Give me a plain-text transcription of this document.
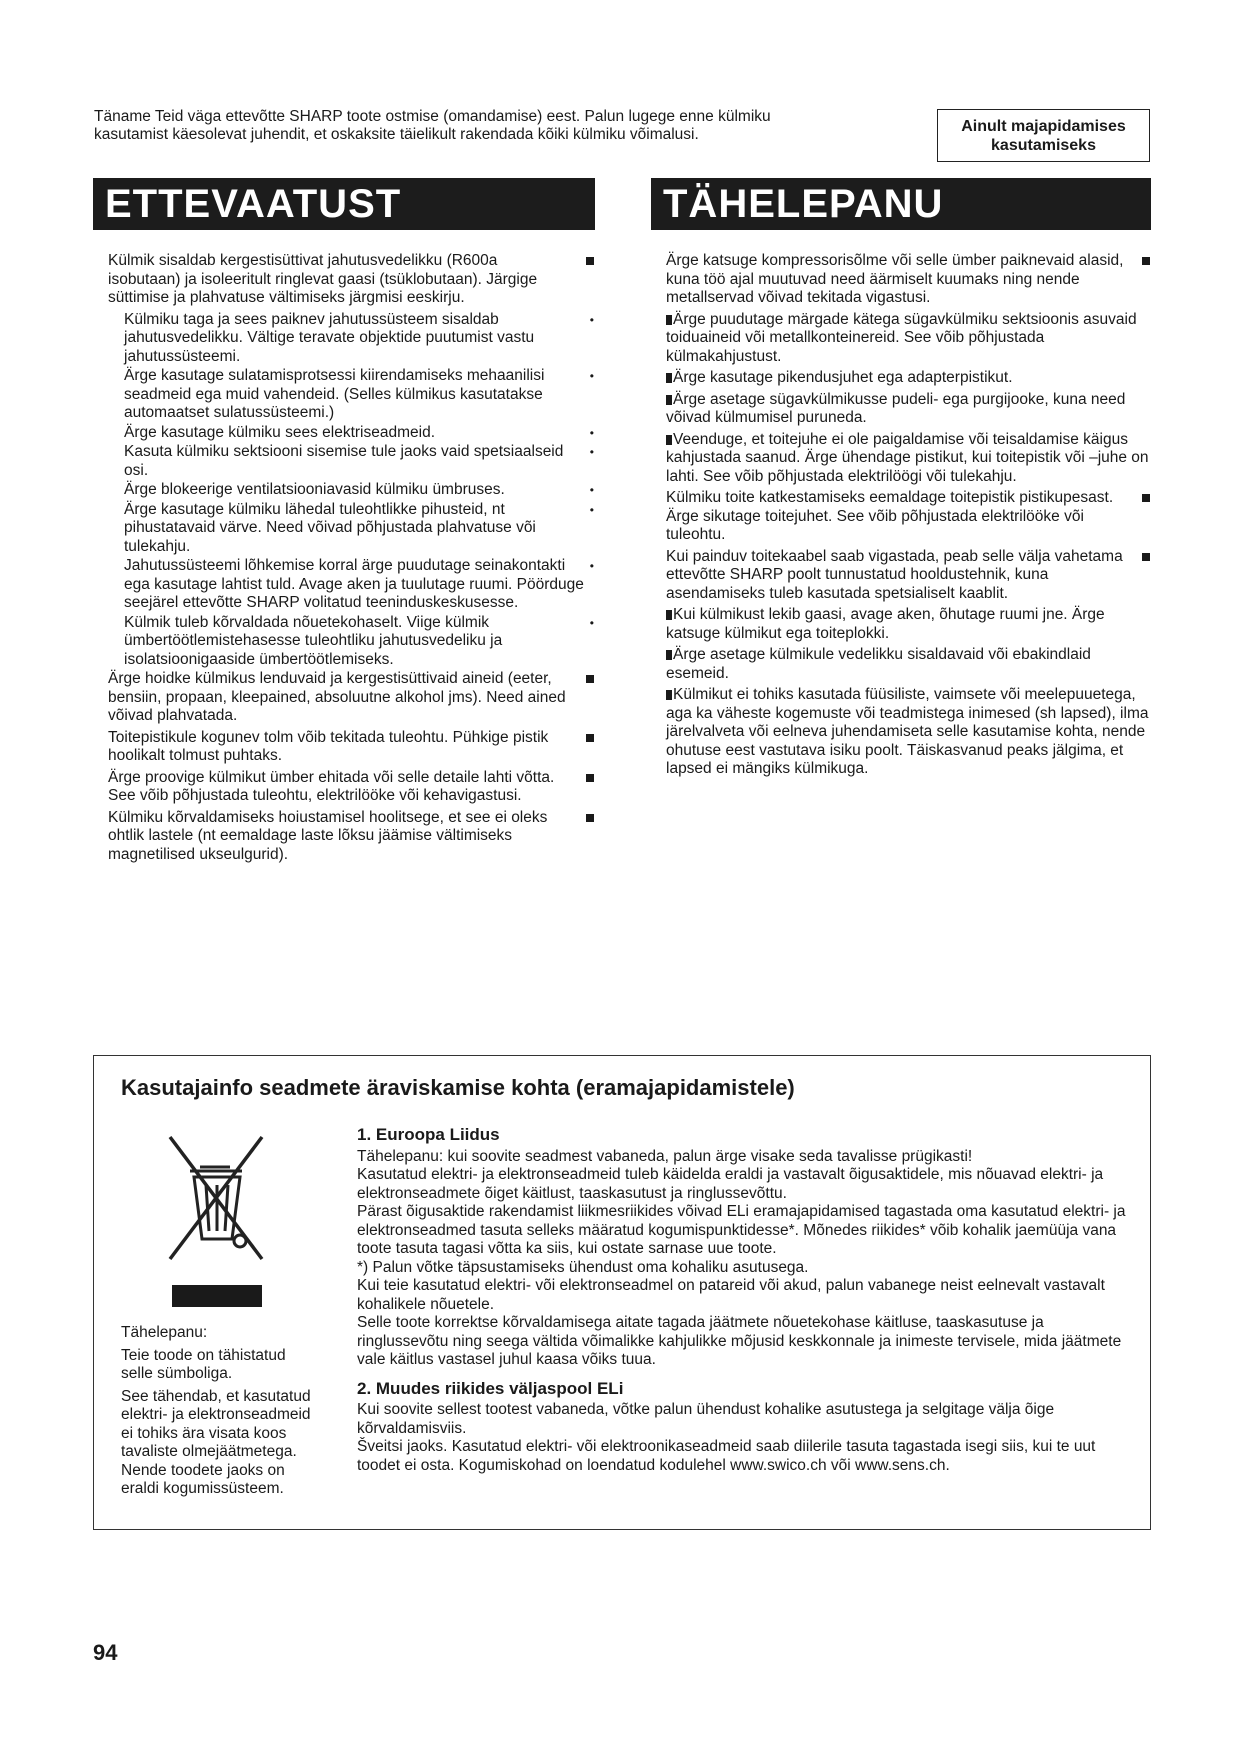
Täname Teid väga ettevõtte SHARP toote ostmise (omandamise) eest. Palun lugege enne külmiku

kasutamist käesolevat juhendit, et oskaksite täielikult rakendada kõiki külmiku võimalusi.	Ainult majapidamises
kasutamiseks
ETTEVAATUST	TÄHELEPANU
Külmik sisaldab kergestisüttivat jahutusvedelikku (R600a isobutaan) ja isoleeritult ringlevat gaasi (tsüklobutaan). Järgige süttimise ja plahvatuse vältimiseks järgmisi eeskirju.
Külmiku taga ja sees paiknev jahutussüsteem sisaldab jahutusvedelikku. Vältige teravate objektide puutumist vastu jahutussüsteemi.
•
Ärge kasutage sulatamisprotsessi kiirendamiseks mehaanilisi seadmeid ega muid vahendeid. (Selles külmikus kasutatakse automaatset sulatussüsteemi.)
•
Ärge kasutage külmiku sees elektriseadmeid.	•
Kasuta külmiku sektsiooni sisemise tule jaoks vaid spetsiaalseid osi.
•
Ärge blokeerige ventilatsiooniavasid külmiku ümbruses.	•
Ärge kasutage külmiku lähedal tuleohtlikke pihusteid, nt pihustatavaid värve. Need võivad põhjustada plahvatuse või tulekahju.
•
Jahutussüsteemi lõhkemise korral ärge puudutage seinakontakti ega kasutage lahtist tuld. Avage aken ja tuulutage ruumi. Pöörduge seejärel ettevõtte SHARP volitatud teeninduskeskusesse.
•
Külmik tuleb kõrvaldada nõuetekohaselt. Viige külmik ümbertöötlemistehasesse tuleohtliku jahutusvedeliku ja isolatsioonigaaside ümbertöötlemiseks.
•
Ärge hoidke külmikus lenduvaid ja kergestisüttivaid aineid (eeter, bensiin, propaan, kleepained, absoluutne alkohol jms). Need ained võivad plahvatada.
Toitepistikule kogunev tolm võib tekitada tuleohtu. Pühkige pistik hoolikalt tolmust puhtaks.
Ärge proovige külmikut ümber ehitada või selle detaile lahti võtta. See võib põhjustada tuleohtu, elektrilööke või kehavigastusi.
Külmiku kõrvaldamiseks hoiustamisel hoolitsege, et see ei oleks ohtlik lastele (nt eemaldage laste lõksu jäämise vältimiseks magnetilised ukseulgurid).
Ärge katsuge kompressorisõlme või selle ümber paiknevaid alasid, kuna töö ajal muutuvad need äärmiselt kuumaks ning nende metallservad võivad tekitada vigastusi.
Ärge puudutage märgade kätega sügavkülmiku sektsioonis asuvaid toiduaineid või metallkonteinereid. See võib põhjustada külmakahjustust.
Ärge kasutage pikendusjuhet ega adapterpistikut.
Ärge asetage sügavkülmikusse pudeli- ega purgijooke, kuna need võivad külmumisel puruneda.
Veenduge, et toitejuhe ei ole paigaldamise või teisaldamise käigus kahjustada saanud. Ärge ühendage pistikut, kui toitepistik või –juhe on lahti. See võib põhjustada elektrilöögi või tulekahju.
Külmiku toite katkestamiseks eemaldage toitepistik pistikupesast. Ärge sikutage toitejuhet. See võib põhjustada elektrilööke või tuleohtu.
Kui painduv toitekaabel saab vigastada, peab selle välja vahetama ettevõtte SHARP poolt tunnustatud hooldustehnik, kuna asendamiseks tuleb kasutada spetsialiselt kaablit.
Kui külmikust lekib gaasi, avage aken, õhutage ruumi jne. Ärge katsuge külmikut ega toiteplokki.
Ärge asetage külmikule vedelikku sisaldavaid või ebakindlaid esemeid.
Külmikut ei tohiks kasutada füüsiliste, vaimsete või meelepuuetega, aga ka väheste kogemuste või teadmistega inimesed (sh lapsed), ilma järelvalveta või eelneva juhendamiseta selle kasutamise kohta, nende ohutuse eest vastutava isiku poolt. Täiskasvanud peaks jälgima, et lapsed ei mängiks külmikuga.
Kasutajainfo seadmete äraviskamise kohta (eramajapidamistele)

Tähelepanu:

Teie toode on tähistatud selle sümboliga.

See tähendab, et kasutatud elektri- ja elektronseadmeid ei tohiks ära visata koos tavaliste olmejäätmetega. Nende toodete jaoks on eraldi kogumissüsteem.

1. Euroopa Liidus

Tähelepanu: kui soovite seadmest vabaneda, palun ärge visake seda tavalisse prügikasti!

Kasutatud elektri- ja elektronseadmeid tuleb käidelda eraldi ja vastavalt õigusaktidele, mis nõuavad elektri- ja elektronseadmete õiget käitlust, taaskasutust ja ringlussevõttu.

Pärast õigusaktide rakendamist liikmesriikides võivad ELi eramajapidamised tagastada oma kasutatud elektri- ja elektronseadmed tasuta selleks määratud kogumispunktidesse*. Mõnedes riikides* võib kohalik jaemüüja vana toote tasuta tagasi võtta ka siis, kui ostate sarnase uue toote.

*) Palun võtke täpsustamiseks ühendust oma kohaliku asutusega.

Kui teie kasutatud elektri- või elektronseadmel on patareid või akud, palun vabanege neist eelnevalt vastavalt kohalikele nõuetele.

Selle toote korrektse kõrvaldamisega aitate tagada jäätmete nõuetekohase käitluse, taaskasutuse ja ringlussevõtu ning seega vältida võimalikke kahjulikke mõjusid keskkonnale ja inimeste tervisele, mida jäätmete vale käitlus vastasel juhul kaasa võiks tuua.

2. Muudes riikides väljaspool ELi

Kui soovite sellest tootest vabaneda, võtke palun ühendust kohalike asutustega ja selgitage välja õige kõrvaldamisviis.

Šveitsi jaoks. Kasutatud elektri- või elektroonikaseadmeid saab diilerile tasuta tagastada isegi siis, kui te uut toodet ei osta. Kogumiskohad on loendatud kodulehel www.swico.ch või www.sens.ch.

94
